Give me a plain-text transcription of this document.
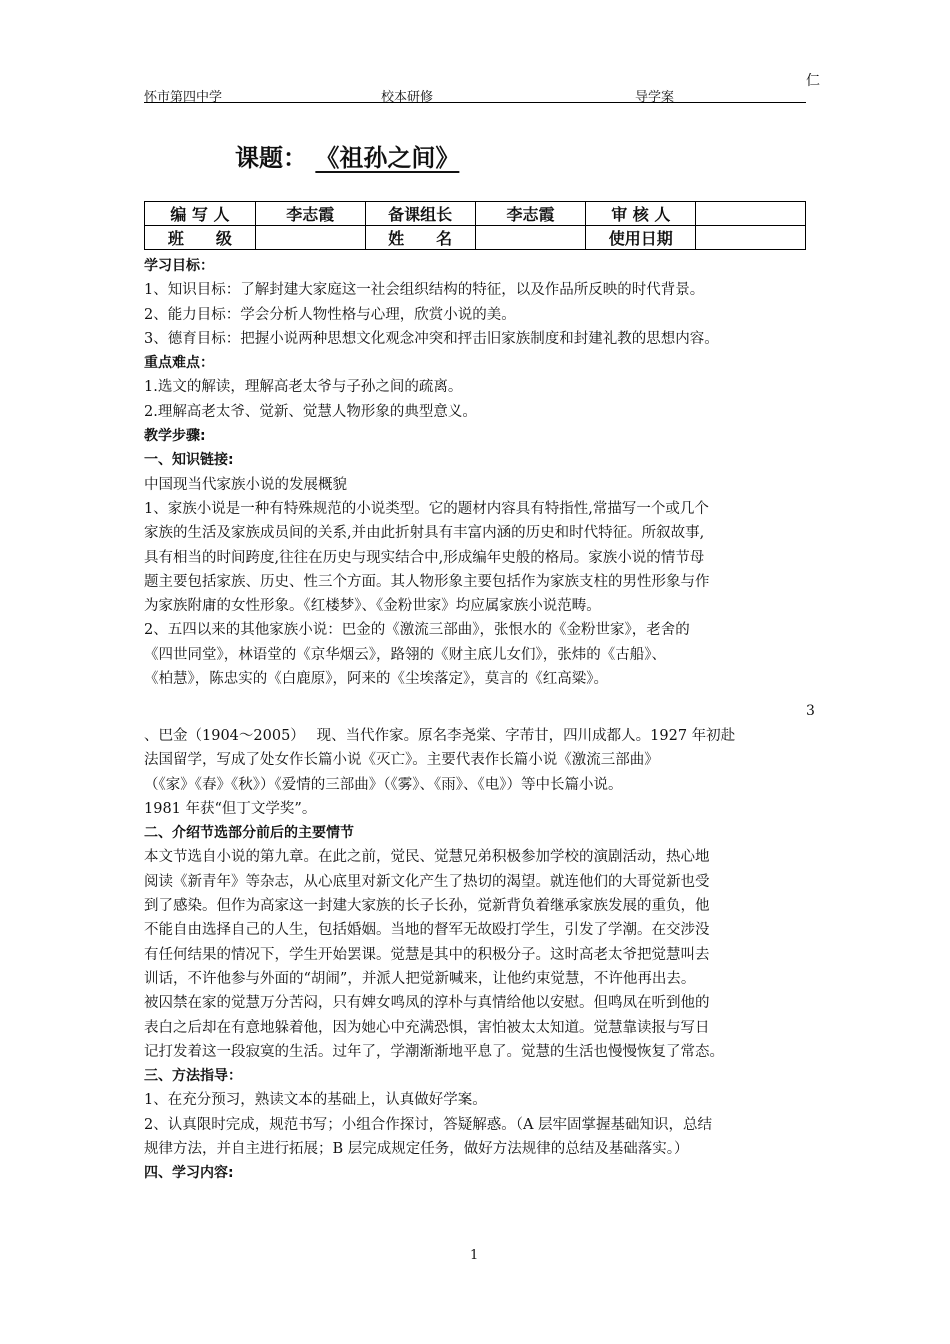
怀市第四中学	校本研修	导学案
仁
课题： 《祖孙之间》
编 写 人	李志霞	备课组长	李志霞	审 核 人	
班　　级		姓　　名		使用日期	

学习目标：

1、知识目标：了解封建大家庭这一社会组织结构的特征，以及作品所反映的时代背景。

2、能力目标：学会分析人物性格与心理，欣赏小说的美。

3、德育目标：把握小说两种思想文化观念冲突和抨击旧家族制度和封建礼教的思想内容。

重点难点：

1.选文的解读，理解高老太爷与子孙之间的疏离。

2.理解高老太爷、觉新、觉慧人物形象的典型意义。

教学步骤:

一、知识链接:

中国现当代家族小说的发展概貌

1、家族小说是一种有特殊规范的小说类型。它的题材内容具有特指性,常描写一个或几个

家族的生活及家族成员间的关系,并由此折射具有丰富内涵的历史和时代特征。所叙故事,

具有相当的时间跨度,往往在历史与现实结合中,形成编年史般的格局。家族小说的情节母

题主要包括家族、历史、性三个方面。其人物形象主要包括作为家族支柱的男性形象与作

为家族附庸的女性形象。《红楼梦》、《金粉世家》均应属家族小说范畴。

2、五四以来的其他家族小说：巴金的《激流三部曲》，张恨水的《金粉世家》，老舍的

《四世同堂》，林语堂的《京华烟云》，路翎的《财主底儿女们》，张炜的《古船》、

《柏慧》，陈忠实的《白鹿原》，阿来的《尘埃落定》，莫言的《红高粱》。

3

、巴金（1904～2005）　 现、当代作家。原名李尧棠、字芾甘，四川成都人。1927 年初赴

法国留学，写成了处女作长篇小说《灭亡》。主要代表作长篇小说《激流三部曲》

（《家》《春》《秋》）《爱情的三部曲》（《雾》、《雨》、《电》）等中长篇小说。

1981 年获“但丁文学奖”。

二、介绍节选部分前后的主要情节

本文节选自小说的第九章。在此之前，觉民、觉慧兄弟积极参加学校的演剧活动，热心地

阅读《新青年》等杂志，从心底里对新文化产生了热切的渴望。就连他们的大哥觉新也受

到了感染。但作为高家这一封建大家族的长子长孙，觉新背负着继承家族发展的重负，他

不能自由选择自己的人生，包括婚姻。当地的督军无故殴打学生，引发了学潮。在交涉没

有任何结果的情况下，学生开始罢课。觉慧是其中的积极分子。这时高老太爷把觉慧叫去

训话，不许他参与外面的“胡闹”，并派人把觉新喊来，让他约束觉慧，不许他再出去。

被囚禁在家的觉慧万分苦闷，只有婢女鸣凤的淳朴与真情给他以安慰。但鸣凤在听到他的

表白之后却在有意地躲着他，因为她心中充满恐惧，害怕被太太知道。觉慧靠读报与写日

记打发着这一段寂寞的生活。过年了，学潮渐渐地平息了。觉慧的生活也慢慢恢复了常态。

三、方法指导：

1、在充分预习，熟读文本的基础上，认真做好学案。

2、认真限时完成，规范书写；小组合作探讨，答疑解惑。（A 层牢固掌握基础知识，总结

规律方法，并自主进行拓展；B 层完成规定任务，做好方法规律的总结及基础落实。）

四、学习内容:

1
